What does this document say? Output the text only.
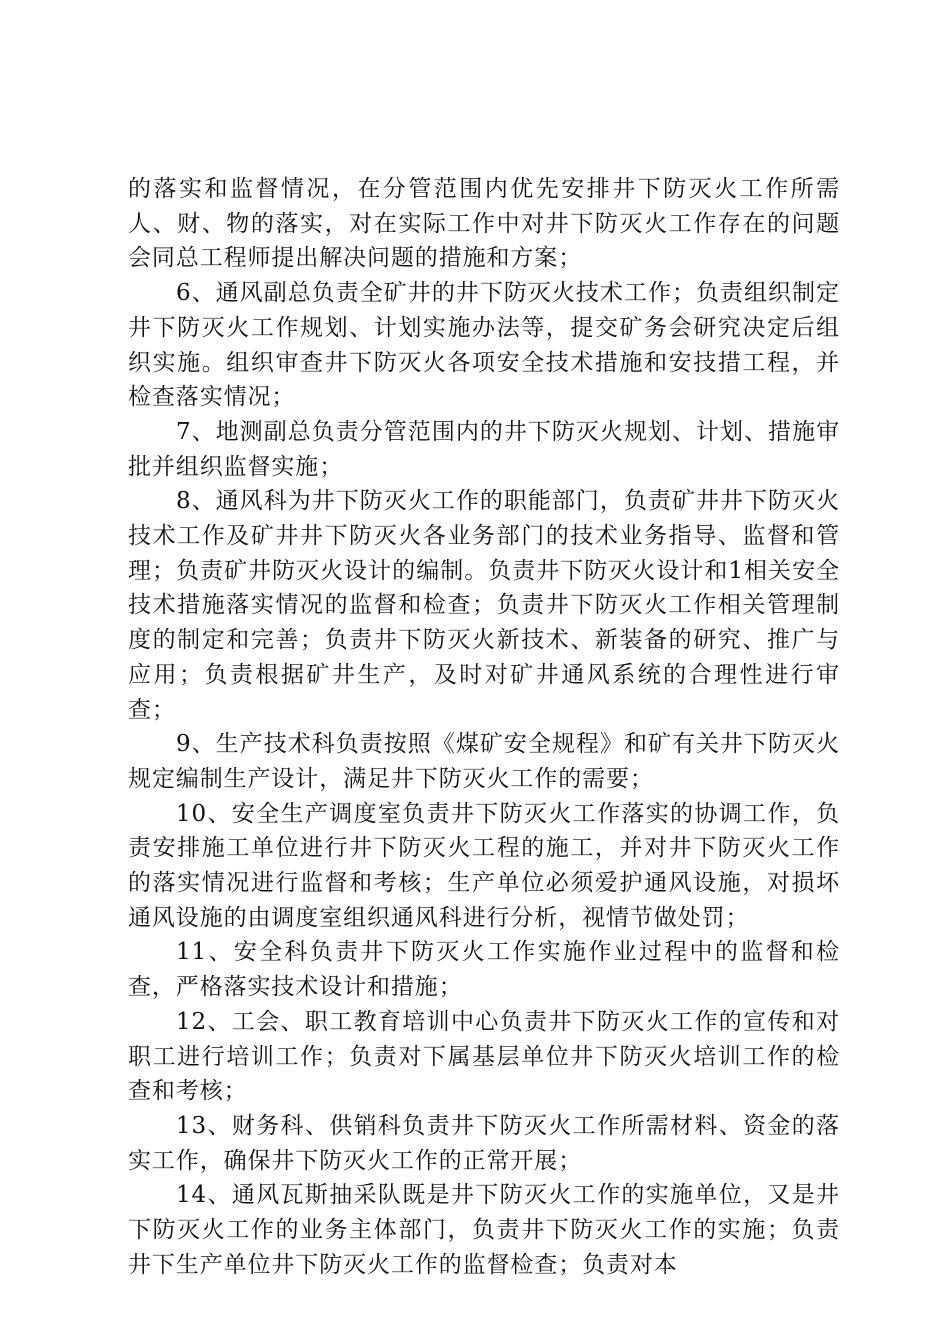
的落实和监督情况，在分管范围内优先安排井下防灭火工作所需人、财、物的落实，对在实际工作中对井下防灭火工作存在的问题会同总工程师提出解决问题的措施和方案；

6、通风副总负责全矿井的井下防灭火技术工作；负责组织制定井下防灭火工作规划、计划实施办法等，提交矿务会研究决定后组织实施。组织审查井下防灭火各项安全技术措施和安技措工程，并检查落实情况；

7、地测副总负责分管范围内的井下防灭火规划、计划、措施审批并组织监督实施；

8、通风科为井下防灭火工作的职能部门，负责矿井井下防灭火技术工作及矿井井下防灭火各业务部门的技术业务指导、监督和管理；负责矿井防灭火设计的编制。负责井下防灭火设计和1相关安全技术措施落实情况的监督和检查；负责井下防灭火工作相关管理制度的制定和完善；负责井下防灭火新技术、新装备的研究、推广与应用；负责根据矿井生产，及时对矿井通风系统的合理性进行审查；

9、生产技术科负责按照《煤矿安全规程》和矿有关井下防灭火规定编制生产设计，满足井下防灭火工作的需要；

10、安全生产调度室负责井下防灭火工作落实的协调工作，负责安排施工单位进行井下防灭火工程的施工，并对井下防灭火工作的落实情况进行监督和考核；生产单位必须爱护通风设施，对损坏通风设施的由调度室组织通风科进行分析，视情节做处罚；

11、安全科负责井下防灭火工作实施作业过程中的监督和检查，严格落实技术设计和措施；

12、工会、职工教育培训中心负责井下防灭火工作的宣传和对职工进行培训工作；负责对下属基层单位井下防灭火培训工作的检查和考核；

13、财务科、供销科负责井下防灭火工作所需材料、资金的落实工作，确保井下防灭火工作的正常开展；

14、通风瓦斯抽采队既是井下防灭火工作的实施单位，又是井下防灭火工作的业务主体部门，负责井下防灭火工作的实施；负责井下生产单位井下防灭火工作的监督检查；负责对本
